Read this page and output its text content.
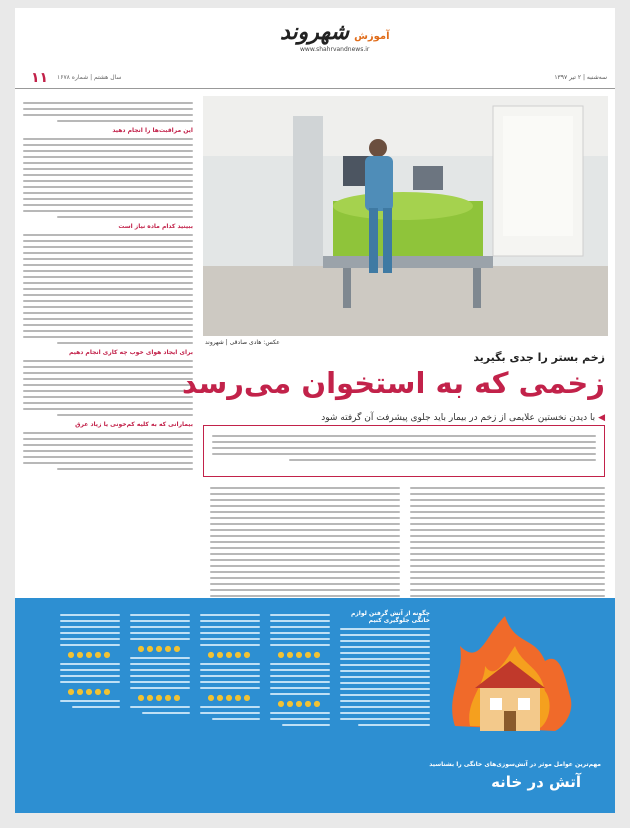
آموزش شهروند
www.shahrvandnews.ir
سه‌شنبه | ۲ تیر ۱۳۹۷
سال هشتم | شماره ۱۶۷۸
۱۱
این مراقبت‌ها را انجام دهید
ببینید کدام ماده نیاز است
برای ایجاد هوای خوب چه کاری انجام دهیم
بیمارانی که به کلیه کم‌خونی یا زیاد عرق
عکس: هادی صادقی | شهروند
زخم بستر را جدی بگیرید
زخمی که به استخوان می‌رسد
◀ با دیدن نخستین علایمی از زخم در بیمار باید جلوی پیشرفت آن گرفته شود
مهم‌ترین عوامل موثر در آتش‌سوزی‌های خانگی را بشناسید
آتش در خانه
چگونه از آتش گرفتن لوازم خانگی جلوگیری کنیم
●●●●●
●●●●●
●●●●●
●●●●●
●●●●●
●●●●●
●●●●●
●●●●●
